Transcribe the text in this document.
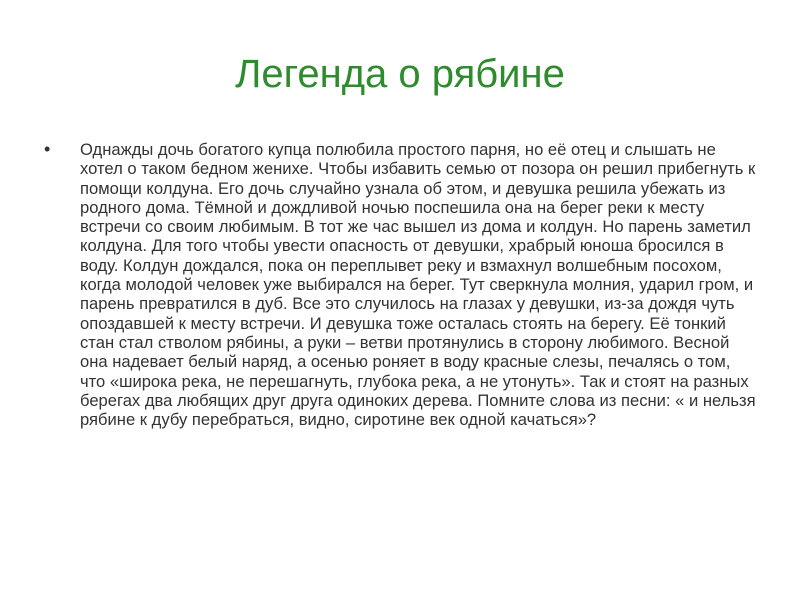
Легенда о рябине
• Однажды дочь богатого купца полюбила простого парня, но её отец и слышать не хотел о таком бедном женихе. Чтобы избавить семью от позора он решил прибегнуть к помощи колдуна. Его дочь случайно узнала об этом, и девушка решила убежать из родного дома. Тёмной и дождливой ночью поспешила она на берег реки к месту встречи со своим любимым. В тот же час вышел из дома и колдун. Но парень заметил колдуна. Для того чтобы увести опасность от девушки, храбрый юноша бросился в воду. Колдун дождался, пока он переплывет реку и взмахнул волшебным посохом, когда молодой человек уже выбирался на берег. Тут сверкнула молния, ударил гром, и парень превратился в дуб. Все это случилось на глазах у девушки, из-за дождя чуть опоздавшей к месту встречи. И девушка тоже осталась стоять на берегу. Её тонкий стан стал стволом рябины, а руки – ветви протянулись в сторону любимого. Весной она надевает белый наряд, а осенью роняет в воду красные слезы, печалясь о том, что «широка река, не перешагнуть, глубока река, а не утонуть». Так и стоят на разных берегах два любящих друг друга одиноких дерева. Помните слова из песни: « и нельзя рябине к дубу перебраться, видно, сиротине век одной качаться»?
